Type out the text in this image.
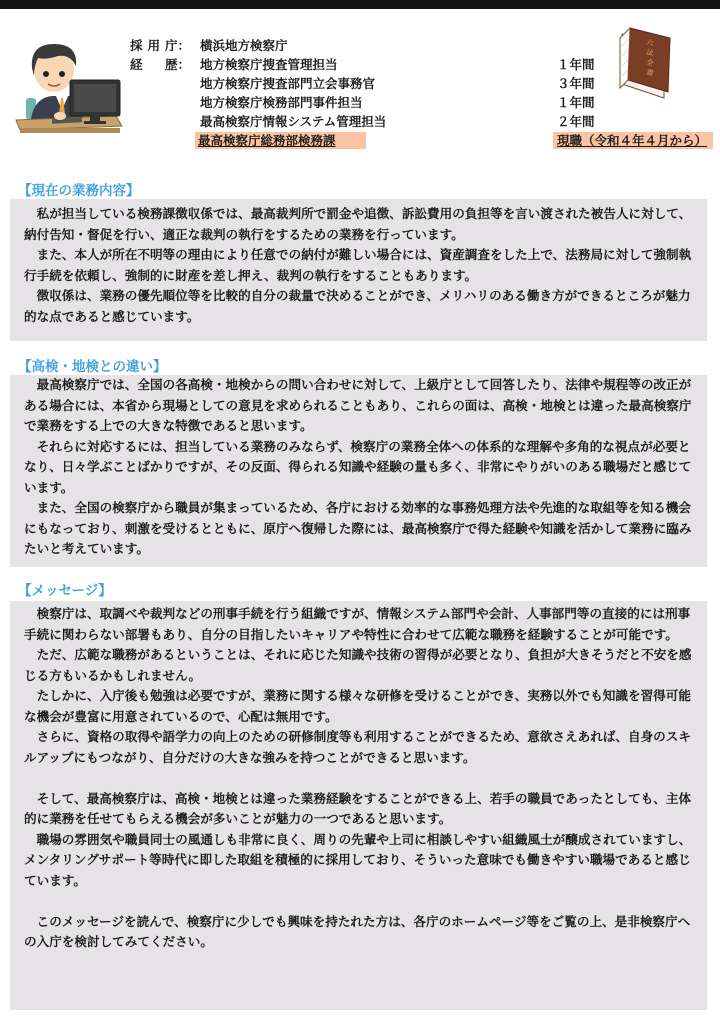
採 用 庁： 横浜地方検察庁
経 歴： 地方検察庁捜査管理担当	１年間
地方検察庁捜査部門立会事務官	３年間
地方検察庁検務部門事件担当	１年間
最高検察庁情報システム管理担当	２年間
最高検察庁総務部検務課	現職（令和４年４月から）
六
法
全
書
【現在の業務内容】

私が担当している検務課徴収係では、最高裁判所で罰金や追徴、訴訟費用の負担等を言い渡された被告人に対して、納付告知・督促を行い、適正な裁判の執行をするための業務を行っています。

また、本人が所在不明等の理由により任意での納付が難しい場合には、資産調査をした上で、法務局に対して強制執行手続を依頼し、強制的に財産を差し押え、裁判の執行をすることもあります。

徴収係は、業務の優先順位等を比較的自分の裁量で決めることができ、メリハリのある働き方ができるところが魅力的な点であると感じています。

【高検・地検との違い】

最高検察庁では、全国の各高検・地検からの問い合わせに対して、上級庁として回答したり、法律や規程等の改正がある場合には、本省から現場としての意見を求められることもあり、これらの面は、高検・地検とは違った最高検察庁で業務をする上での大きな特徴であると思います。

それらに対応するには、担当している業務のみならず、検察庁の業務全体への体系的な理解や多角的な視点が必要となり、日々学ぶことばかりですが、その反面、得られる知識や経験の量も多く、非常にやりがいのある職場だと感じています。

また、全国の検察庁から職員が集まっているため、各庁における効率的な事務処理方法や先進的な取組等を知る機会にもなっており、刺激を受けるとともに、原庁へ復帰した際には、最高検察庁で得た経験や知識を活かして業務に臨みたいと考えています。

【メッセージ】

検察庁は、取調べや裁判などの刑事手続を行う組織ですが、情報システム部門や会計、人事部門等の直接的には刑事手続に関わらない部署もあり、自分の目指したいキャリアや特性に合わせて広範な職務を経験することが可能です。

ただ、広範な職務があるということは、それに応じた知識や技術の習得が必要となり、負担が大きそうだと不安を感じる方もいるかもしれません。

たしかに、入庁後も勉強は必要ですが、業務に関する様々な研修を受けることができ、実務以外でも知識を習得可能な機会が豊富に用意されているので、心配は無用です。

さらに、資格の取得や語学力の向上のための研修制度等も利用することができるため、意欲さえあれば、自身のスキルアップにもつながり、自分だけの大きな強みを持つことができると思います。

そして、最高検察庁は、高検・地検とは違った業務経験をすることができる上、若手の職員であったとしても、主体的に業務を任せてもらえる機会が多いことが魅力の一つであると思います。

職場の雰囲気や職員同士の風通しも非常に良く、周りの先輩や上司に相談しやすい組織風土が醸成されていますし、メンタリングサポート等時代に即した取組を積極的に採用しており、そういった意味でも働きやすい職場であると感じています。

このメッセージを読んで、検察庁に少しでも興味を持たれた方は、各庁のホームページ等をご覧の上、是非検察庁への入庁を検討してみてください。
